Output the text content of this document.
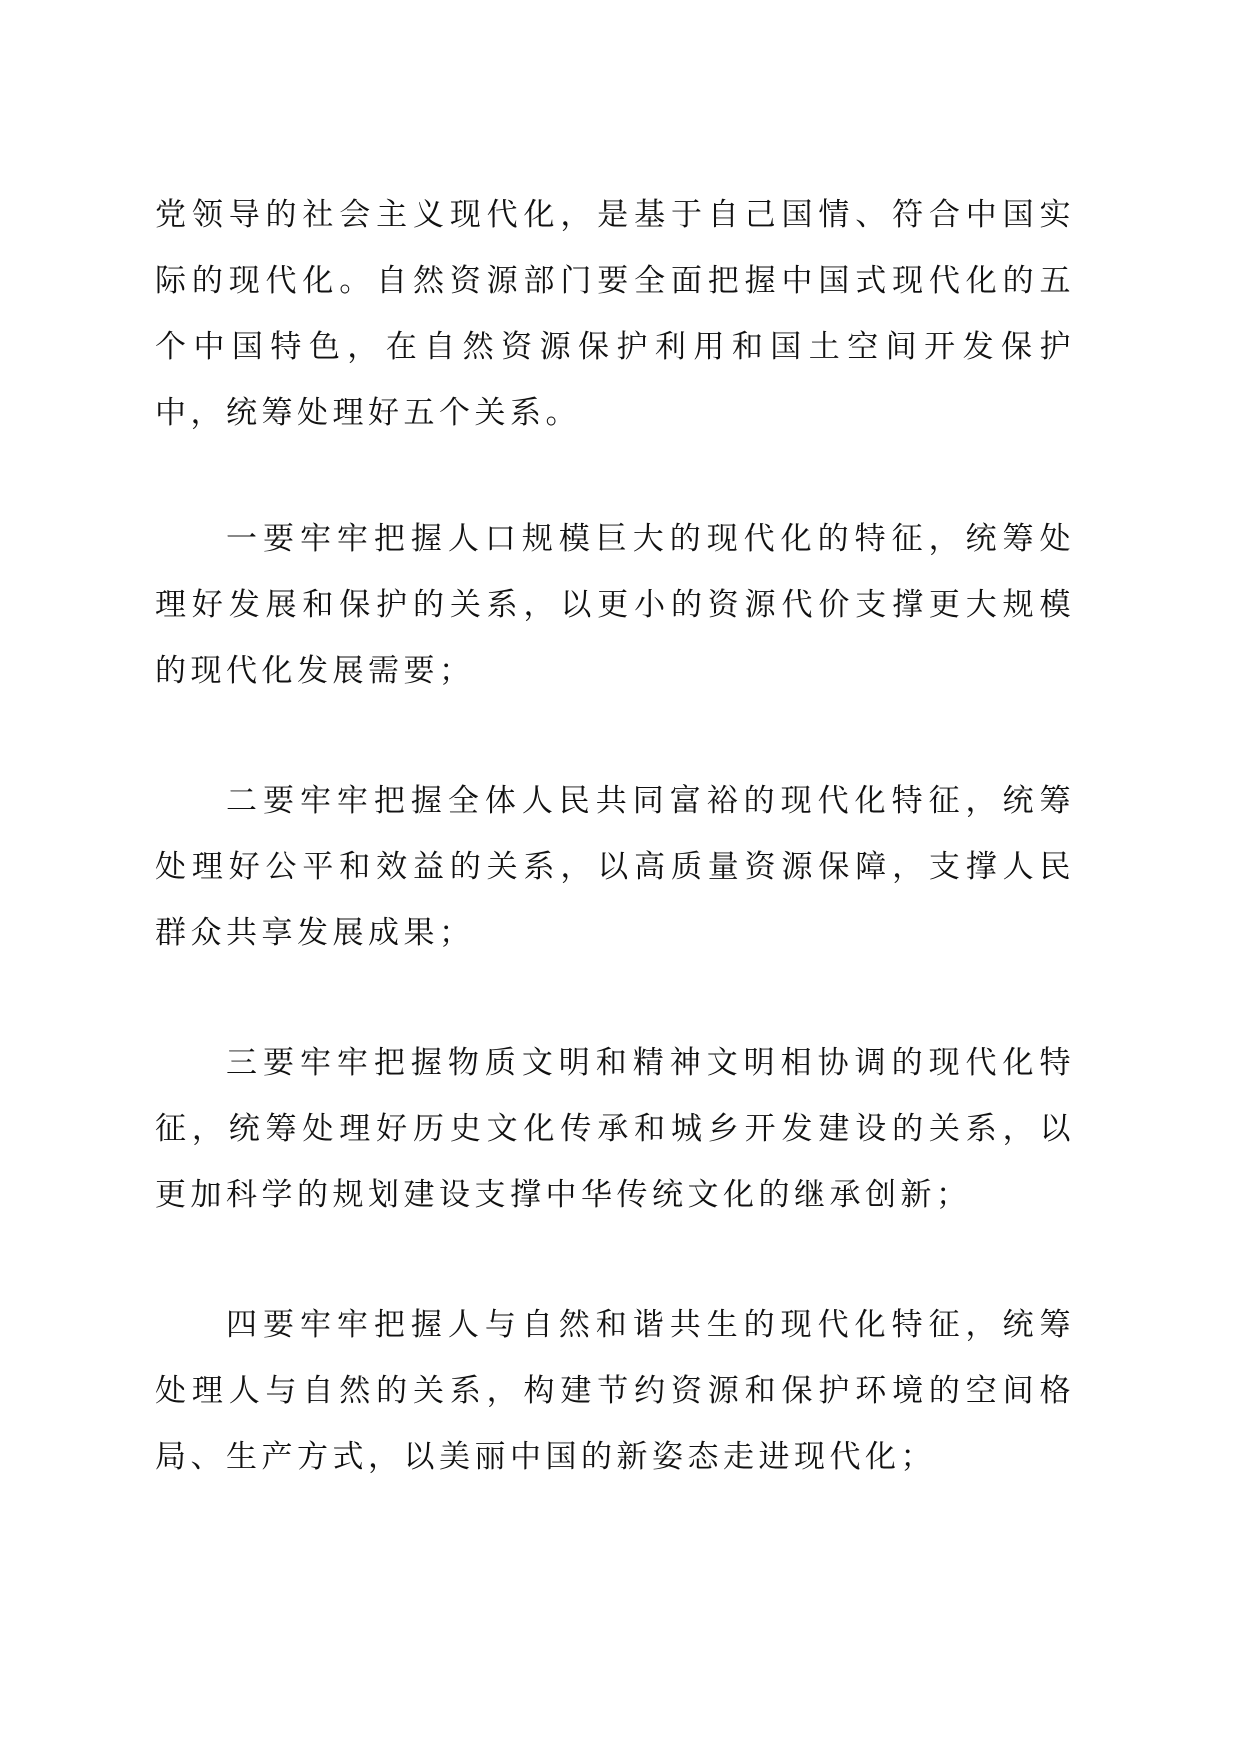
党领导的社会主义现代化，是基于自己国情、符合中国实际的现代化。自然资源部门要全面把握中国式现代化的五个中国特色，在自然资源保护利用和国土空间开发保护中，统筹处理好五个关系。

一要牢牢把握人口规模巨大的现代化的特征，统筹处理好发展和保护的关系，以更小的资源代价支撑更大规模的现代化发展需要；

二要牢牢把握全体人民共同富裕的现代化特征，统筹处理好公平和效益的关系，以高质量资源保障，支撑人民群众共享发展成果；

三要牢牢把握物质文明和精神文明相协调的现代化特征，统筹处理好历史文化传承和城乡开发建设的关系，以更加科学的规划建设支撑中华传统文化的继承创新；

四要牢牢把握人与自然和谐共生的现代化特征，统筹处理人与自然的关系，构建节约资源和保护环境的空间格局、生产方式，以美丽中国的新姿态走进现代化；
